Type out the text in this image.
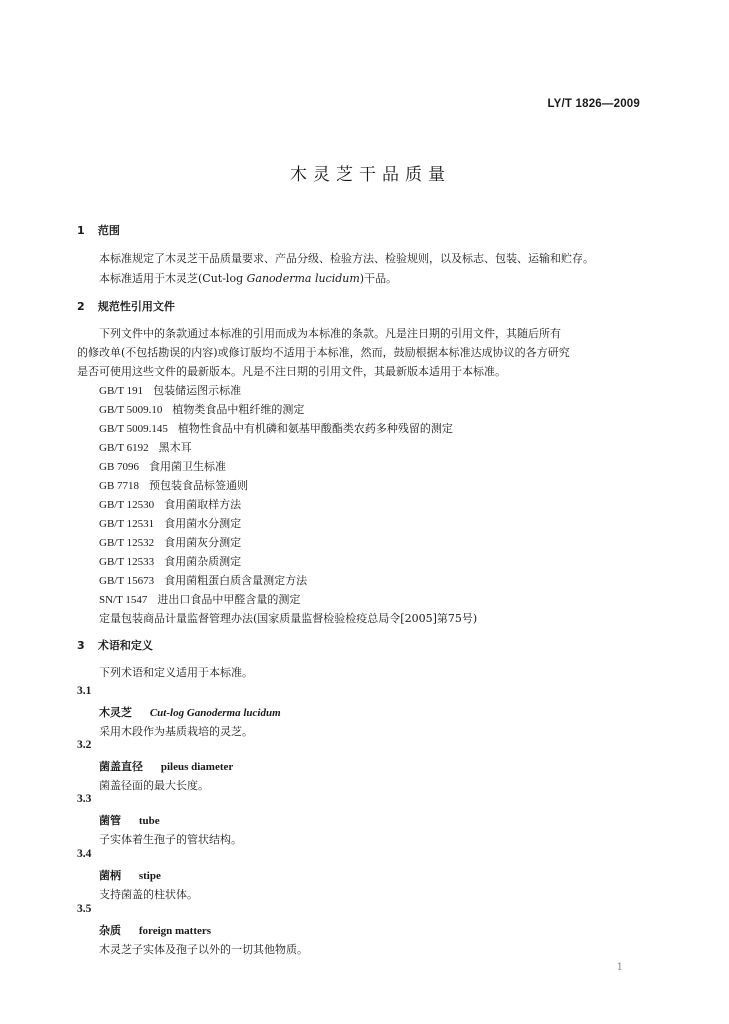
LY/T 1826—2009
木灵芝干品质量
1 范围
本标准规定了木灵芝干品质量要求、产品分级、检验方法、检验规则，以及标志、包装、运输和贮存。
本标准适用于木灵芝(Cut-log Ganoderma lucidum)干品。
2 规范性引用文件
下列文件中的条款通过本标准的引用而成为本标准的条款。凡是注日期的引用文件，其随后所有
的修改单(不包括勘误的内容)或修订版均不适用于本标准，然而，鼓励根据本标准达成协议的各方研究
是否可使用这些文件的最新版本。凡是不注日期的引用文件，其最新版本适用于本标准。
GB/T 191 包装储运图示标准
GB/T 5009.10 植物类食品中粗纤维的测定
GB/T 5009.145 植物性食品中有机磷和氨基甲酸酯类农药多种残留的测定
GB/T 6192 黑木耳
GB 7096 食用菌卫生标准
GB 7718 预包装食品标签通则
GB/T 12530 食用菌取样方法
GB/T 12531 食用菌水分测定
GB/T 12532 食用菌灰分测定
GB/T 12533 食用菌杂质测定
GB/T 15673 食用菌粗蛋白质含量测定方法
SN/T 1547 进出口食品中甲醛含量的测定
定量包装商品计量监督管理办法(国家质量监督检验检疫总局令[2005]第75号)
3 术语和定义
下列术语和定义适用于本标准。
3.1
木灵芝 Cut-log Ganoderma lucidum
采用木段作为基质栽培的灵芝。
3.2
菌盖直径 pileus diameter
菌盖径面的最大长度。
3.3
菌管 tube
子实体着生孢子的管状结构。
3.4
菌柄 stipe
支持菌盖的柱状体。
3.5
杂质 foreign matters
木灵芝子实体及孢子以外的一切其他物质。
1
